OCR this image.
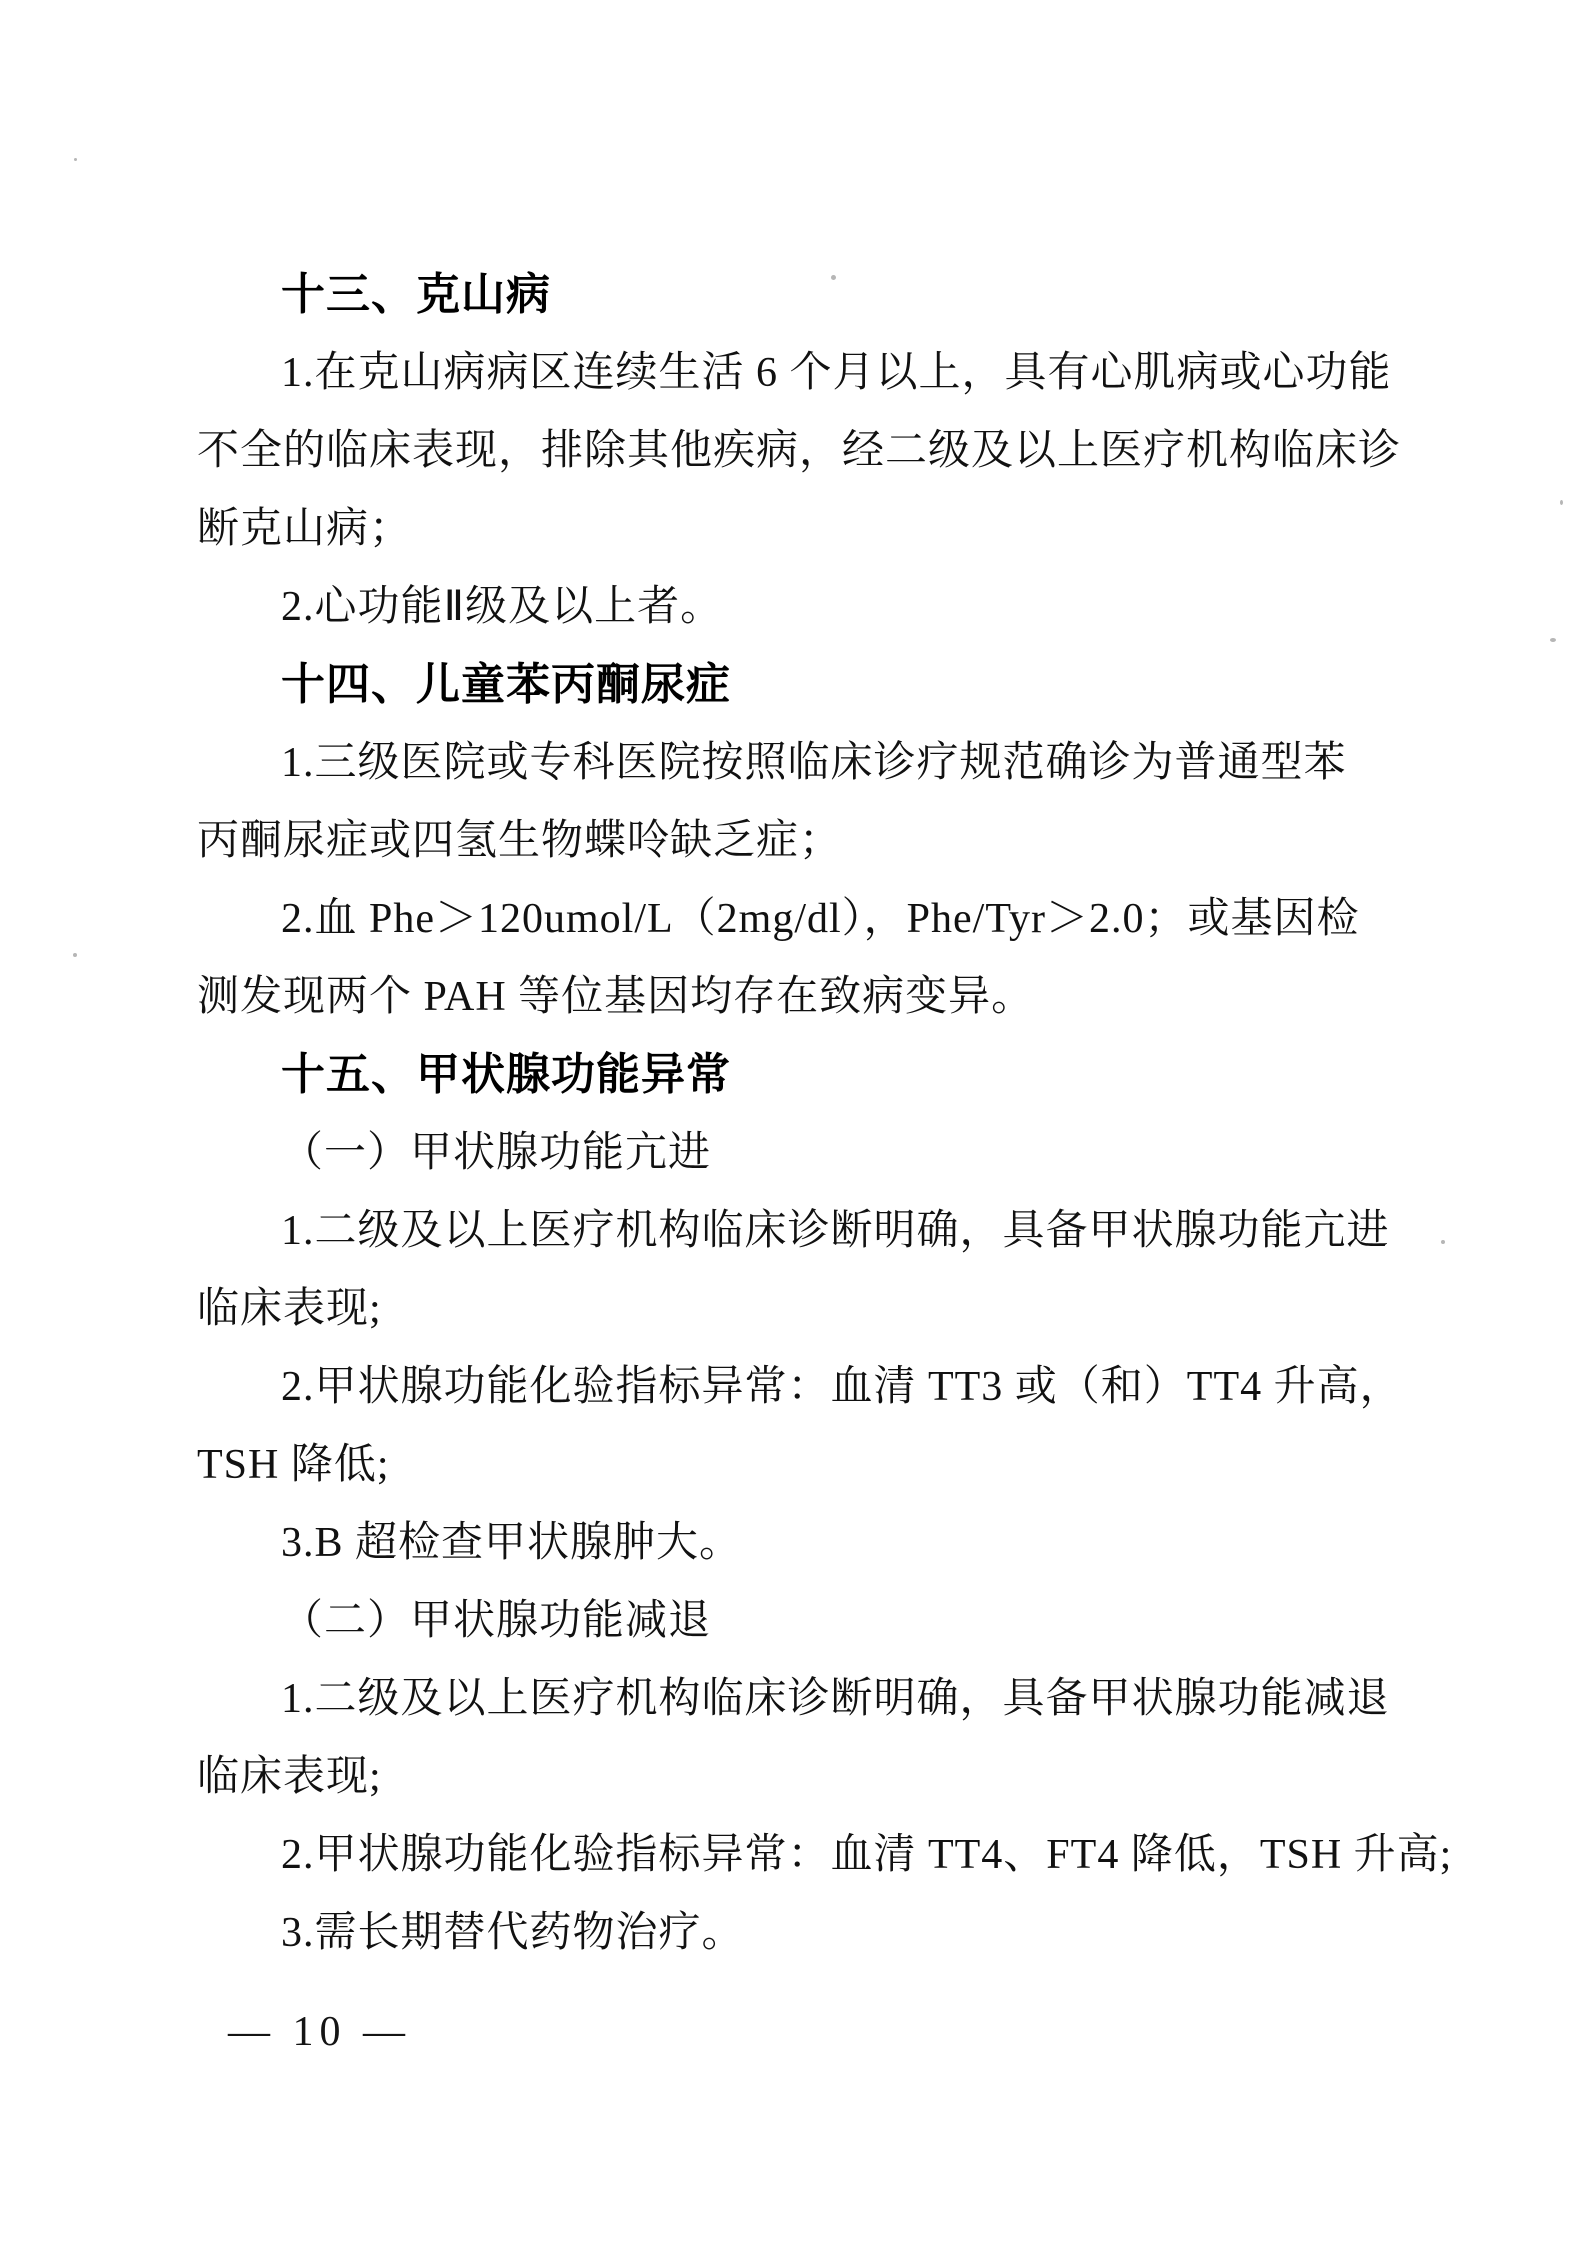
十三、克山病
1.在克山病病区连续生活 6 个月以上，具有心肌病或心功能
不全的临床表现，排除其他疾病，经二级及以上医疗机构临床诊
断克山病；
2.心功能Ⅱ级及以上者。
十四、儿童苯丙酮尿症
1.三级医院或专科医院按照临床诊疗规范确诊为普通型苯
丙酮尿症或四氢生物蝶呤缺乏症；
2.血 Phe＞120umol/L（2mg/dl），Phe/Tyr＞2.0；或基因检
测发现两个 PAH 等位基因均存在致病变异。
十五、甲状腺功能异常
（一）甲状腺功能亢进
1.二级及以上医疗机构临床诊断明确，具备甲状腺功能亢进
临床表现;
2.甲状腺功能化验指标异常：血清 TT3 或（和）TT4 升高，
TSH 降低;
3.B 超检查甲状腺肿大。
（二）甲状腺功能减退
1.二级及以上医疗机构临床诊断明确，具备甲状腺功能减退
临床表现;
2.甲状腺功能化验指标异常：血清 TT4、FT4 降低，TSH 升高;
3.需长期替代药物治疗。
— 10 —
